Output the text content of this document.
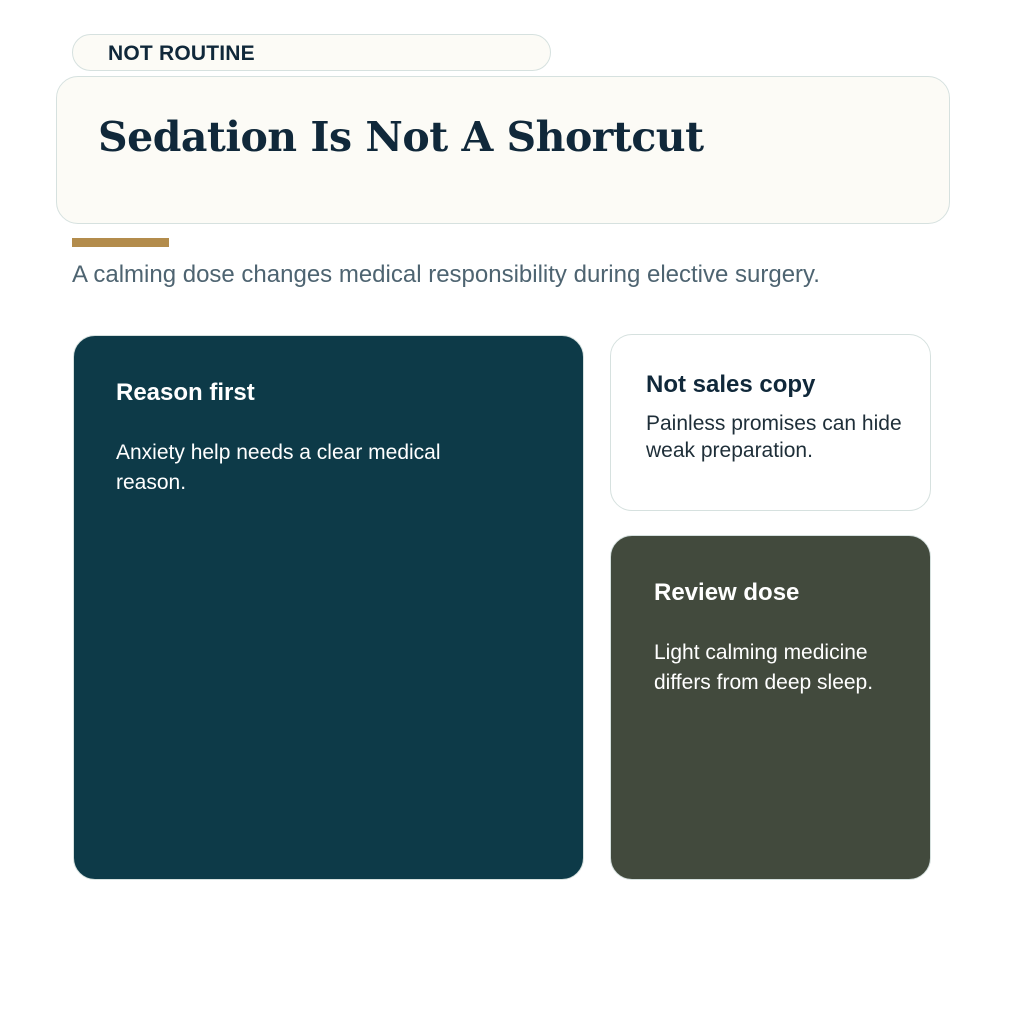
NOT ROUTINE
Sedation Is Not A Shortcut
A calming dose changes medical responsibility during elective surgery.
Reason first

Anxiety help needs a clear medical reason.

Not sales copy

Painless promises can hide weak preparation.

Review dose

Light calming medicine differs from deep sleep.
